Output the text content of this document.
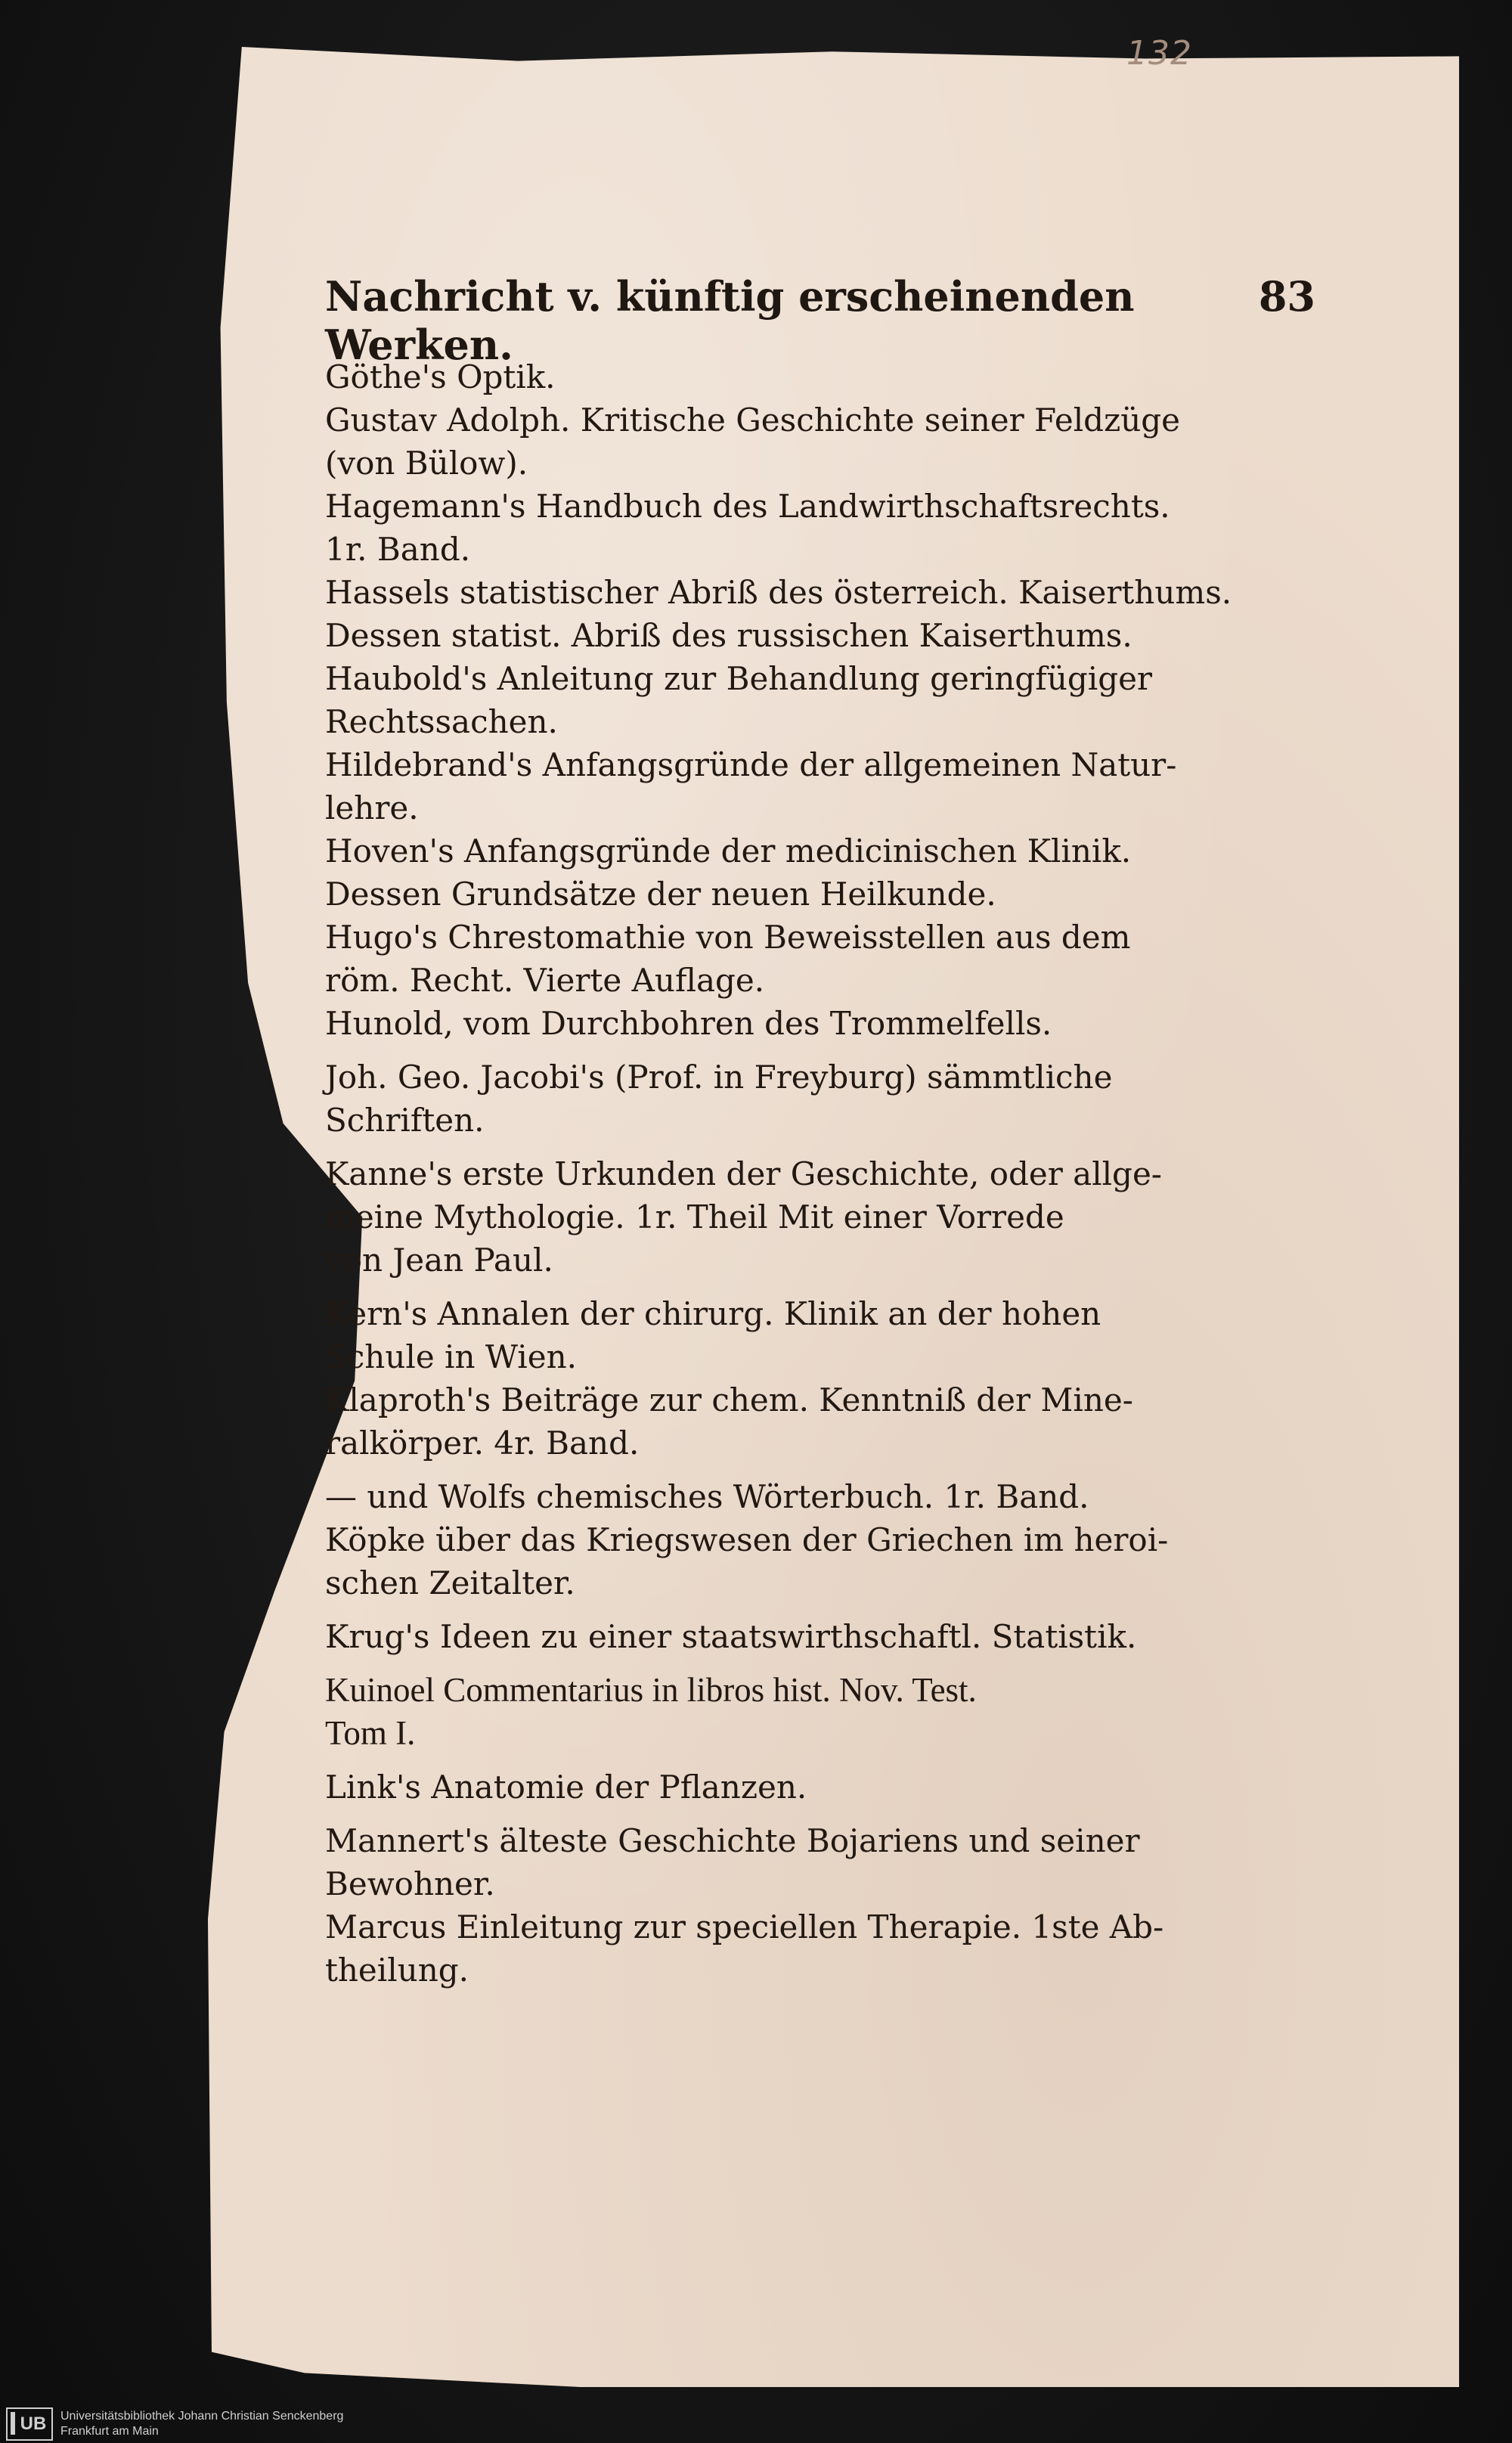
132
Nachricht v. künftig erscheinenden Werken.
83
Göthe's Optik.
Gustav Adolph. Kritische Geschichte seiner Feldzüge
(von Bülow).
Hagemann's Handbuch des Landwirthschaftsrechts.
1r. Band.
Hassels statistischer Abriß des österreich. Kaiserthums.
Dessen statist. Abriß des russischen Kaiserthums.
Haubold's Anleitung zur Behandlung geringfügiger
Rechtssachen.
Hildebrand's Anfangsgründe der allgemeinen Natur-
lehre.
Hoven's Anfangsgründe der medicinischen Klinik.
Dessen Grundsätze der neuen Heilkunde.
Hugo's Chrestomathie von Beweisstellen aus dem
röm. Recht. Vierte Auflage.
Hunold, vom Durchbohren des Trommelfells.
Joh. Geo. Jacobi's (Prof. in Freyburg) sämmtliche
Schriften.
Kanne's erste Urkunden der Geschichte, oder allge-
meine Mythologie. 1r. Theil Mit einer Vorrede
von Jean Paul.
Kern's Annalen der chirurg. Klinik an der hohen
Schule in Wien.
Klaproth's Beiträge zur chem. Kenntniß der Mine-
ralkörper. 4r. Band.
— und Wolfs chemisches Wörterbuch. 1r. Band.
Köpke über das Kriegswesen der Griechen im heroi-
schen Zeitalter.
Krug's Ideen zu einer staatswirthschaftl. Statistik.
Kuinoel Commentarius in libros hist. Nov. Test.
Tom I.
Link's Anatomie der Pflanzen.
Mannert's älteste Geschichte Bojariens und seiner
Bewohner.
Marcus Einleitung zur speciellen Therapie. 1ste Ab-
theilung.
UB Universitätsbibliothek Johann Christian Senckenberg
Frankfurt am Main
